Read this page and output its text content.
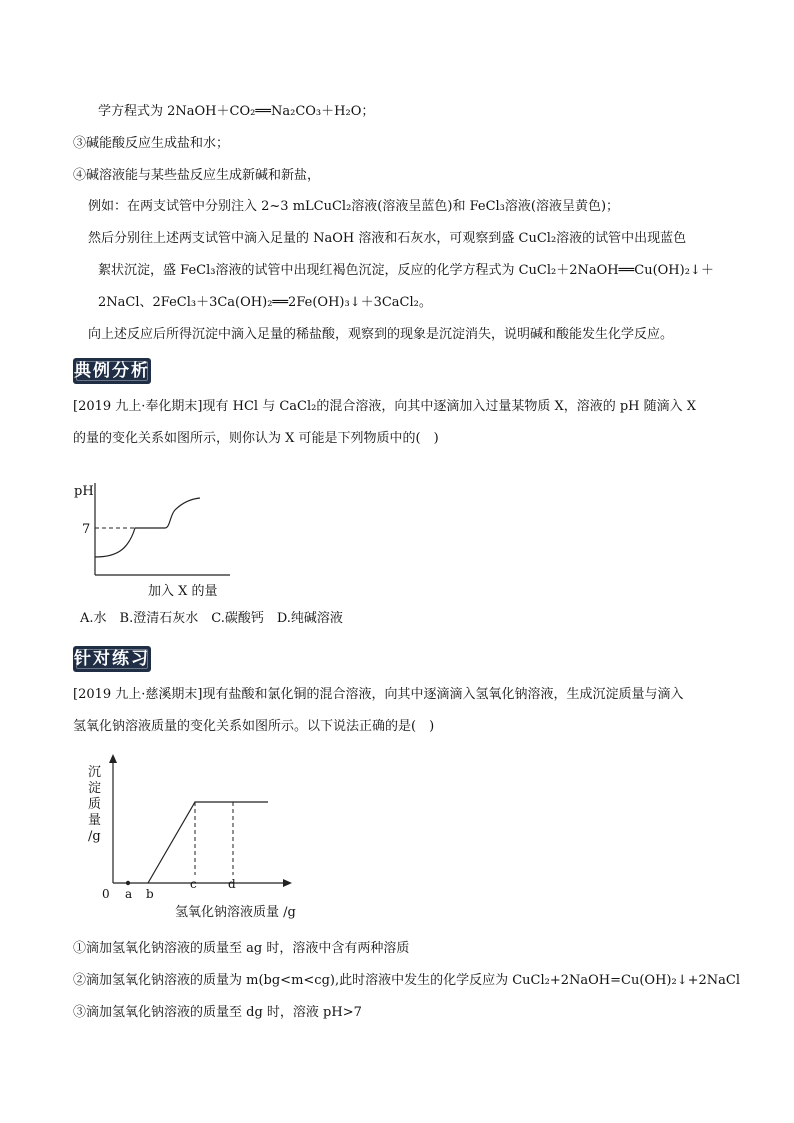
学方程式为 2NaOH＋CO₂══Na₂CO₃＋H₂O；
③碱能酸反应生成盐和水；
④碱溶液能与某些盐反应生成新碱和新盐，
例如：在两支试管中分别注入 2~3 mLCuCl₂溶液(溶液呈蓝色)和 FeCl₃溶液(溶液呈黄色)；
然后分别往上述两支试管中滴入足量的 NaOH 溶液和石灰水，可观察到盛 CuCl₂溶液的试管中出现蓝色
絮状沉淀，盛 FeCl₃溶液的试管中出现红褐色沉淀，反应的化学方程式为 CuCl₂＋2NaOH══Cu(OH)₂↓＋
2NaCl、2FeCl₃＋3Ca(OH)₂══2Fe(OH)₃↓＋3CaCl₂。
向上述反应后所得沉淀中滴入足量的稀盐酸，观察到的现象是沉淀消失，说明碱和酸能发生化学反应。
典例分析
[2019 九上·奉化期末]现有 HCl 与 CaCl₂的混合溶液，向其中逐滴加入过量某物质 X，溶液的 pH 随滴入 X
的量的变化关系如图所示，则你认为 X 可能是下列物质中的(　)
pH
7
加入 X 的量
A.水　B.澄清石灰水　C.碳酸钙　D.纯碱溶液
针对练习
[2019 九上·慈溪期末]现有盐酸和氯化铜的混合溶液，向其中逐滴滴入氢氧化钠溶液，生成沉淀质量与滴入
氢氧化钠溶液质量的变化关系如图所示。以下说法正确的是(　)
沉
淀
质
量
/g
0 a b
c	d
氢氧化钠溶液质量 /g
①滴加氢氧化钠溶液的质量至 ag 时，溶液中含有两种溶质
②滴加氢氧化钠溶液的质量为 m(bg<m<cg),此时溶液中发生的化学反应为 CuCl₂+2NaOH=Cu(OH)₂↓+2NaCl
③滴加氢氧化钠溶液的质量至 dg 时，溶液 pH>7
